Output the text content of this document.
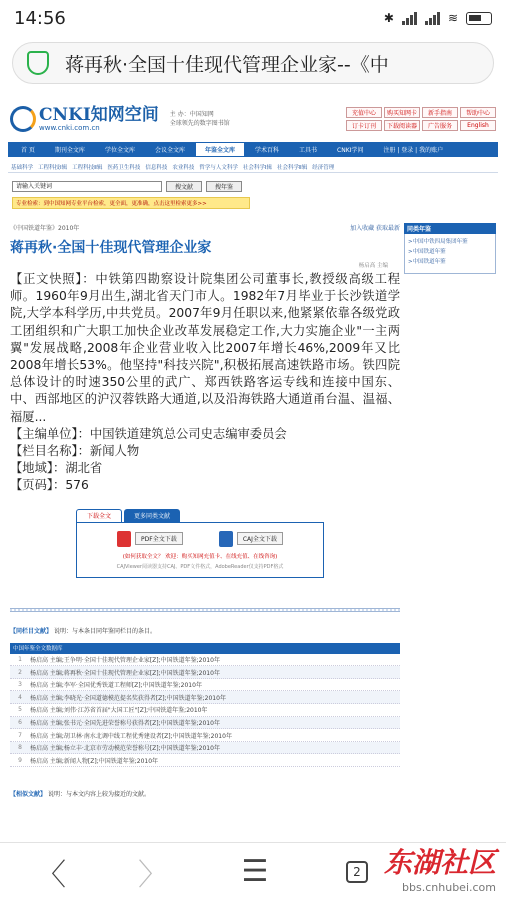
14:56	✱	≋
蒋再秋·全国十佳现代管理企业家--《中
CNKI知网空间
www.cnki.com.cn
主 办：中国知网
全球领先的数字图书馆
充值中心	购买知网卡	新手指南	帮助中心
订卡订刊	下载阅读器	广告服务	English
首 页	期刊全文库	学位全文库	会议全文库	年鉴全文库	学术百科	工具书	CNKI学问	注册 | 登录 | 我的账户
基础科学 工程科技Ⅰ辑 工程科技Ⅱ辑 医药卫生科技 信息科技 农业科技 哲学与人文科学 社会科学Ⅰ辑 社会科学Ⅱ辑 经济管理
请输入关键词	搜文献	搜年鉴
专业检索：到中国知网专业平台检索，更全面，更准确，点击这里检索更多>>
《中国铁道年鉴》2010年	加入收藏 获取最新
蒋再秋·全国十佳现代管理企业家
杨启高 主编
【正文快照】：中铁第四勘察设计院集团公司董事长,教授级高级工程师。1960年9月出生,湖北省天门市人。1982年7月毕业于长沙铁道学院,大学本科学历,中共党员。2007年9月任职以来,他紧紧依靠各级党政工团组织和广大职工加快企业改革发展稳定工作,大力实施企业"一主两翼"发展战略,2008年企业营业收入比2007年增长46%,2009年又比2008年增长53%。他坚持"科技兴院",积极拓展高速铁路市场。铁四院总体设计的时速350公里的武广、郑西铁路客运专线和连接中国东、中、西部地区的沪汉蓉铁路大通道,以及沿海铁路大通道甬台温、温福、福厦...
【主编单位】：中国铁道建筑总公司史志编审委员会
【栏目名称】：新闻人物
【地域】：湖北省
【页码】：576
下载全文	更多同类文献
PDF全文下载	CAJ全文下载
(如何获取全文？ 欢迎：购买知网充值卡、在线充值、在线咨询)
CAJViewer阅读器支持CAJ、PDF文件格式，AdobeReader仅支持PDF格式
【同栏目文献】 说明：与本条目同年鉴同栏目的条目。
中国年鉴全文数据库
1	杨启高 主编;王争明·全国十佳现代管理企业家[Z];中国铁道年鉴;2010年
2	杨启高 主编;蒋再秋·全国十佳现代管理企业家[Z];中国铁道年鉴;2010年
3	杨启高 主编;李军·全国优秀铁道工程师[Z];中国铁道年鉴;2010年
4	杨启高 主编;李晓光·全国道德模范提名奖获得者[Z];中国铁道年鉴;2010年
5	杨启高 主编;刘伟·江苏省首届"大国工匠"[Z];中国铁道年鉴;2010年
6	杨启高 主编;张书元·全国先进荣誉称号获得者[Z];中国铁道年鉴;2010年
7	杨启高 主编;胡卫林·南水北调中线工程优秀建设者[Z];中国铁道年鉴;2010年
8	杨启高 主编;杨立丰·北京市劳动模范荣誉称号[Z];中国铁道年鉴;2010年
9	杨启高 主编;新闻人物[Z];中国铁道年鉴;2010年
【相似文献】 说明：与本文内容上较为接近的文献。
同类年鉴
>中国中铁四局集团年鉴
>中国铁道年鉴
>中国铁道年鉴
〈 〉 ☰	2 东湖社区
bbs.cnhubei.com
